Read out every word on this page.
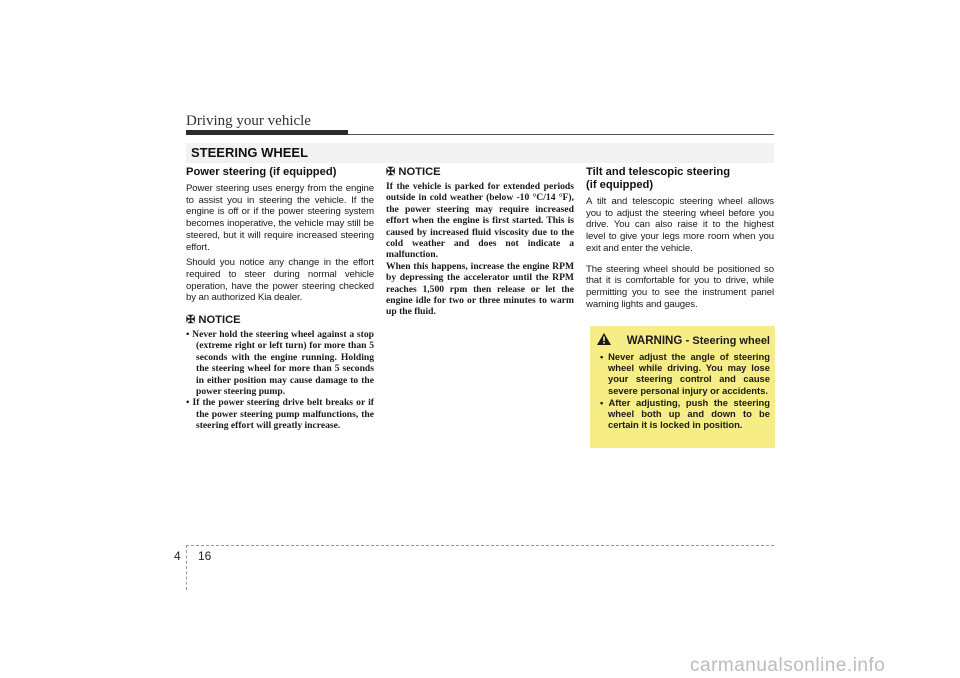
Driving your vehicle
STEERING WHEEL
Power steering (if equipped)

Power steering uses energy from the engine to assist you in steering the vehicle. If the engine is off or if the power steering system becomes inoperative, the vehicle may still be steered, but it will require increased steering effort.

Should you notice any change in the effort required to steer during normal vehicle operation, have the power steering checked by an authorized Kia dealer.

✠ NOTICE
• Never hold the steering wheel against a stop (extreme right or left turn) for more than 5 seconds with the engine running. Holding the steering wheel for more than 5 seconds in either position may cause damage to the power steering pump.
• If the power steering drive belt breaks or if the power steering pump malfunctions, the steering effort will greatly increase.
✠ NOTICE

If the vehicle is parked for extended periods outside in cold weather (below -10 °C/14 °F), the power steering may require increased effort when the engine is first started. This is caused by increased fluid viscosity due to the cold weather and does not indicate a malfunction.

When this happens, increase the engine RPM by depressing the accelerator until the RPM reaches 1,500 rpm then release or let the engine idle for two or three minutes to warm up the fluid.

Tilt and telescopic steering
(if equipped)

A tilt and telescopic steering wheel allows you to adjust the steering wheel before you drive. You can also raise it to the highest level to give your legs more room when you exit and enter the vehicle.

The steering wheel should be positioned so that it is comfortable for you to drive, while permitting you to see the instrument panel warning lights and gauges.

WARNING - Steering wheel
• Never adjust the angle of steering wheel while driving. You may lose your steering control and cause severe personal injury or accidents.
• After adjusting, push the steering wheel both up and down to be certain it is locked in position.
4 16
carmanualsonline.info
